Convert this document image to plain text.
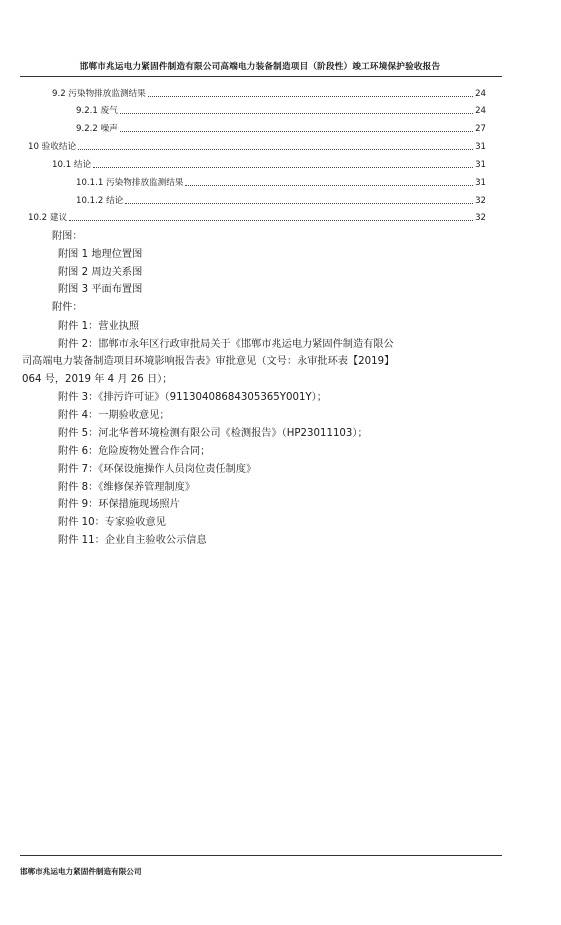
邯郸市兆运电力紧固件制造有限公司高端电力装备制造项目（阶段性）竣工环境保护验收报告
9.2 污染物排放监测结果	24
9.2.1 废气	24
9.2.2 噪声	27
10 验收结论	31
10.1 结论	31
10.1.1 污染物排放监测结果	31
10.1.2 结论	32
10.2 建议	32
附图：
附图 1 地理位置图
附图 2 周边关系图
附图 3 平面布置图
附件：
附件 1：营业执照
附件 2：邯郸市永年区行政审批局关于《邯郸市兆运电力紧固件制造有限公
司高端电力装备制造项目环境影响报告表》审批意见（文号：永审批环表【2019】
064 号，2019 年 4 月 26 日）；
附件 3：《排污许可证》（91130408684305365Y001Y）；
附件 4：一期验收意见；
附件 5：河北华普环境检测有限公司《检测报告》（HP23011103）；
附件 6：危险废物处置合作合同；
附件 7：《环保设施操作人员岗位责任制度》
附件 8：《维修保养管理制度》
附件 9：环保措施现场照片
附件 10：专家验收意见
附件 11：企业自主验收公示信息
邯郸市兆运电力紧固件制造有限公司
